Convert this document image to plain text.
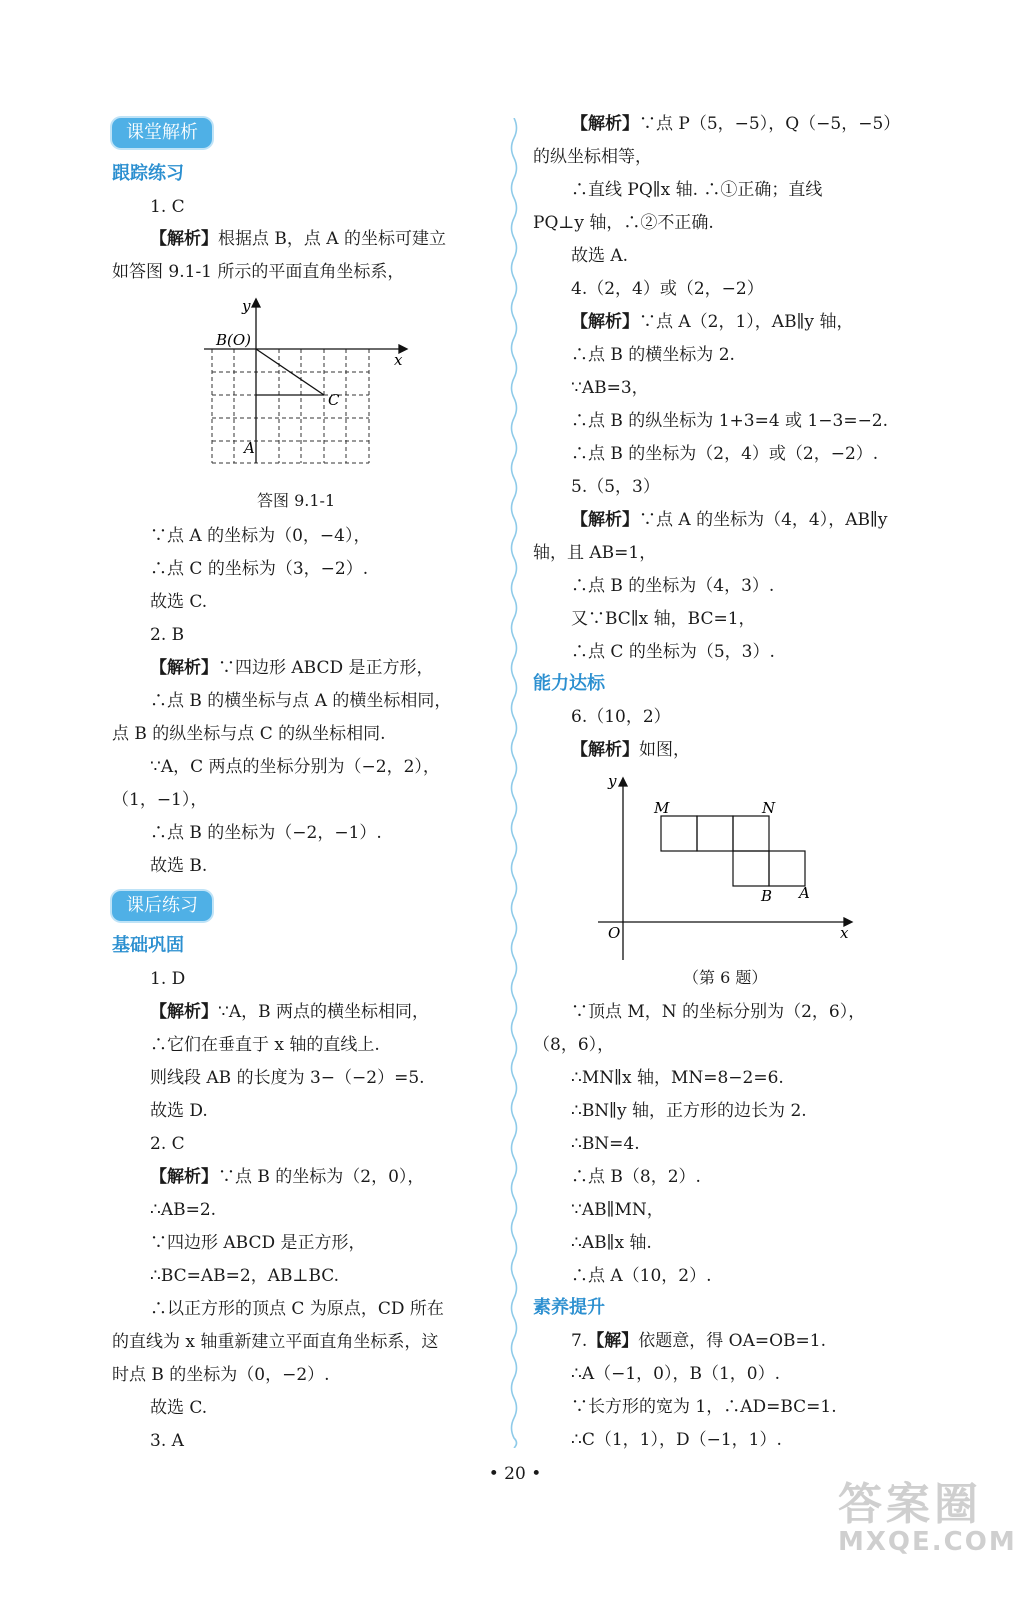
课堂解析
跟踪练习
1. C
【解析】根据点 B，点 A 的坐标可建立
如答图 9.1-1 所示的平面直角坐标系，
y
x
B(O)
C
A
答图 9.1-1
∵点 A 的坐标为（0，−4），
∴点 C 的坐标为（3，−2）.
故选 C.
2. B
【解析】∵四边形 ABCD 是正方形，
∴点 B 的横坐标与点 A 的横坐标相同，
点 B 的纵坐标与点 C 的纵坐标相同.
∵A，C 两点的坐标分别为（−2，2），
（1，−1），
∴点 B 的坐标为（−2，−1）.
故选 B.
课后练习
基础巩固
1. D
【解析】∵A，B 两点的横坐标相同，
∴它们在垂直于 x 轴的直线上.
则线段 AB 的长度为 3−（−2）=5.
故选 D.
2. C
【解析】∵点 B 的坐标为（2，0），
∴AB=2.
∵四边形 ABCD 是正方形，
∴BC=AB=2，AB⊥BC.
∴以正方形的顶点 C 为原点，CD 所在
的直线为 x 轴重新建立平面直角坐标系，这
时点 B 的坐标为（0，−2）.
故选 C.
3. A
【解析】∵点 P（5，−5），Q（−5，−5）
的纵坐标相等，
∴直线 PQ∥x 轴. ∴①正确；直线
PQ⊥y 轴，∴②不正确.
故选 A.
4.（2，4）或（2，−2）
【解析】∵点 A（2，1），AB∥y 轴，
∴点 B 的横坐标为 2.
∵AB=3，
∴点 B 的纵坐标为 1+3=4 或 1−3=−2.
∴点 B 的坐标为（2，4）或（2，−2）.
5.（5，3）
【解析】∵点 A 的坐标为（4，4），AB∥y
轴，且 AB=1，
∴点 B 的坐标为（4，3）.
又∵BC∥x 轴，BC=1，
∴点 C 的坐标为（5，3）.
能力达标
6.（10，2）
【解析】如图，
y
x
O
M	N
B A
（第 6 题）
∵顶点 M，N 的坐标分别为（2，6），
（8，6），
∴MN∥x 轴，MN=8−2=6.
∴BN∥y 轴，正方形的边长为 2.
∴BN=4.
∴点 B（8，2）.
∵AB∥MN，
∴AB∥x 轴.
∴点 A（10，2）.
素养提升
7.【解】依题意，得 OA=OB=1.
∴A（−1，0），B（1，0）.
∵长方形的宽为 1，∴AD=BC=1.
∴C（1，1），D（−1，1）.
• 20 •
答案圈
MXQE.COM
